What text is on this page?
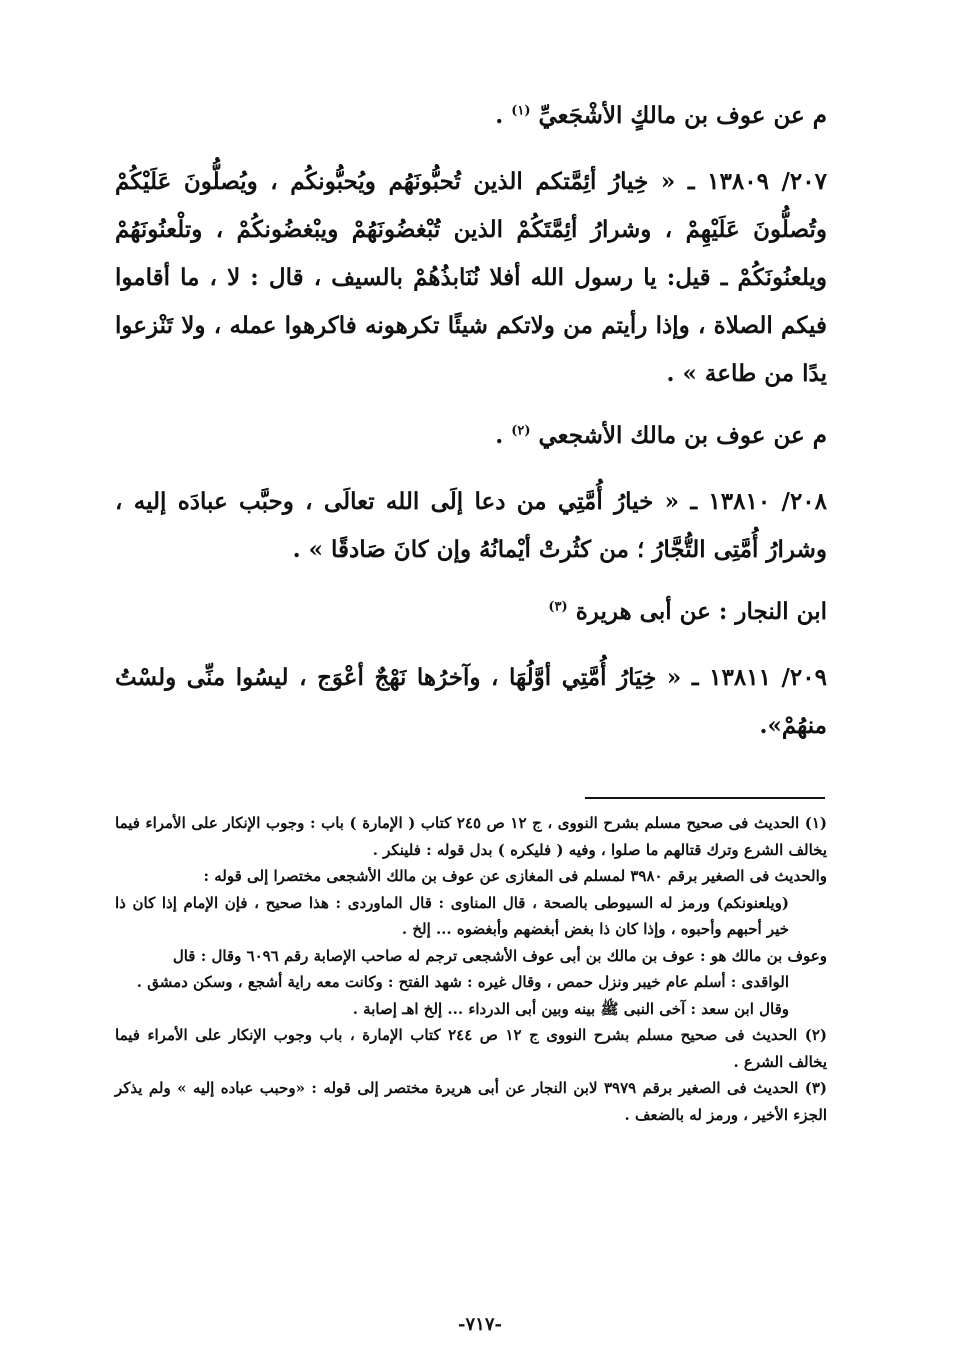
م عن عوف بن مالكٍ الأشْجَعيِّ $^{(١)}$ .

٢٠٧/ ١٣٨٠٩ ـ « خِيارُ أئِمَّتكم الذين تُحبُّونَهُم ويُحبُّونكُم ، ويُصلُّونَ عَلَيْكُمْ وتُصلُّونَ عَلَيْهِمْ ، وشرارُ أئِمَّتَكُمْ الذين تُبْغضُونَهُمْ ويبْغضُونكُمْ ، وتلْعنُونَهُمْ ويلعنُونَكُمْ ـ قيل: يا رسول الله أفلا نُنَابذُهُمْ بالسيف ، قال : لا ، ما أقاموا فيكم الصلاة ، وإذا رأيتم من ولاتكم شيئًا تكرهونه فاكرهوا عمله ، ولا تَنْزعوا يدًا من طاعة » .

م عن عوف بن مالك الأشجعي $^{(٢)}$ .

٢٠٨/ ١٣٨١٠ ـ « خيارُ أُمَّتِي من دعا إلَى الله تعالَى ، وحبَّب عبادَه إليه ، وشرارُ أُمَّتِى التُّجَّارُ ؛ من كثُرتْ أيْمانُهُ وإن كانَ صَادقًا » .

ابن النجار : عن أبى هريرة $^{(٣)}$

٢٠٩/ ١٣٨١١ ـ « خِيَارُ أُمَّتِي أوَّلُهَا ، وآخرُها نَهْجٌ أعْوَج ، ليسُوا منِّى ولسْتُ منهُمْ».

(١) الحديث فى صحيح مسلم بشرح النووى ، ج ١٢ ص ٢٤٥ كتاب ( الإمارة ) باب : وجوب الإنكار على الأمراء فيما يخالف الشرع وترك قتالهم ما صلوا ، وفيه ( فليكره ) بدل قوله : فلينكر .

والحديث فى الصغير برقم ٣٩٨٠ لمسلم فى المغازى عن عوف بن مالك الأشجعى مختصرا إلى قوله :

(ويلعنونكم) ورمز له السيوطى بالصحة ، قال المناوى : قال الماوردى : هذا صحيح ، فإن الإمام إذا كان ذا خير أحبهم وأحبوه ، وإذا كان ذا بغض أبغضهم وأبغضوه ... إلخ .

وعوف بن مالك هو : عوف بن مالك بن أبى عوف الأشجعى ترجم له صاحب الإصابة رقم ٦٠٩٦ وقال : قال

الواقدى : أسلم عام خيبر ونزل حمص ، وقال غيره : شهد الفتح : وكانت معه راية أشجع ، وسكن دمشق .

وقال ابن سعد : آخى النبى ﷺ بينه وبين أبى الدرداء ... إلخ اهـ إصابة .

(٢) الحديث فى صحيح مسلم بشرح النووى ج ١٢ ص ٢٤٤ كتاب الإمارة ، باب وجوب الإنكار على الأمراء فيما يخالف الشرع .

(٣) الحديث فى الصغير برقم ٣٩٧٩ لابن النجار عن أبى هريرة مختصر إلى قوله : «وحبب عباده إليه » ولم يذكر الجزء الأخير ، ورمز له بالضعف .

-٧١٧-
